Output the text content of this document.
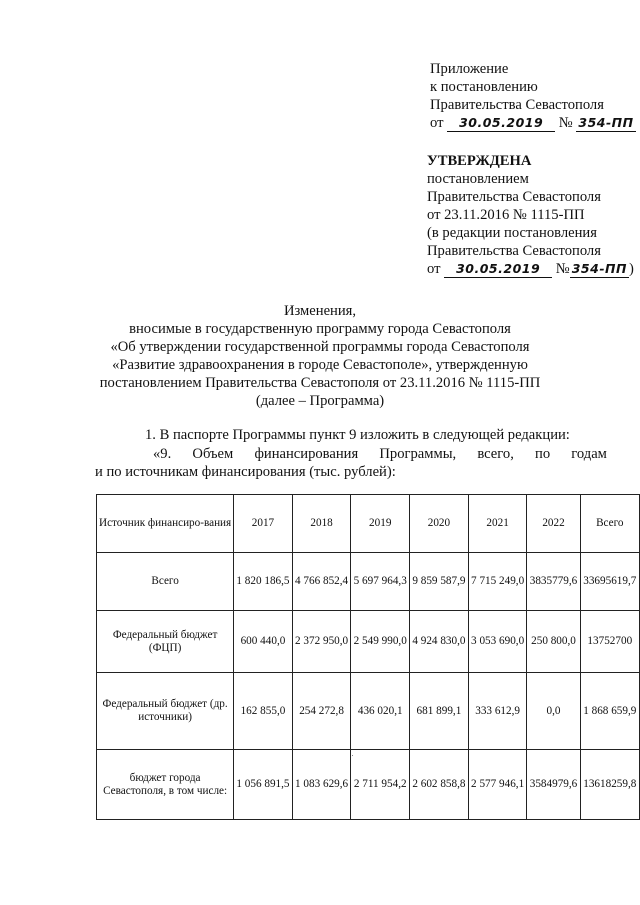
Приложение
к постановлению
Правительства Севастополя
от 30.05.2019 № 354-ПП
УТВЕРЖДЕНА
постановлением
Правительства Севастополя
от 23.11.2016 № 1115-ПП
(в редакции постановления
Правительства Севастополя
от 30.05.2019 № 354-ПП )
Изменения,
вносимые в государственную программу города Севастополя
«Об утверждении государственной программы города Севастополя
«Развитие здравоохранения в городе Севастополе», утвержденную
постановлением Правительства Севастополя от 23.11.2016 № 1115-ПП
(далее – Программа)
1. В паспорте Программы пункт 9 изложить в следующей редакции:
«9. Объем финансирования Программы, всего, по годам
и по источникам финансирования (тыс. рублей):
Источник финансиро-вания	2017	2018	2019	2020	2021	2022	Всего
Всего	1 820 186,5	4 766 852,4	5 697 964,3	9 859 587,9	7 715 249,0	3835779,6	33695619,7
Федеральный бюджет (ФЦП)	600 440,0	2 372 950,0	2 549 990,0	4 924 830,0	3 053 690,0	250 800,0	13752700
Федеральный бюджет (др. источники)	162 855,0	254 272,8	436 020,1	681 899,1	333 612,9	0,0	1 868 659,9
бюджет города Севастополя, в том числе:	1 056 891,5	1 083 629,6	2 711 954,2	2 602 858,8	2 577 946,1	3584979,6	13618259,8
